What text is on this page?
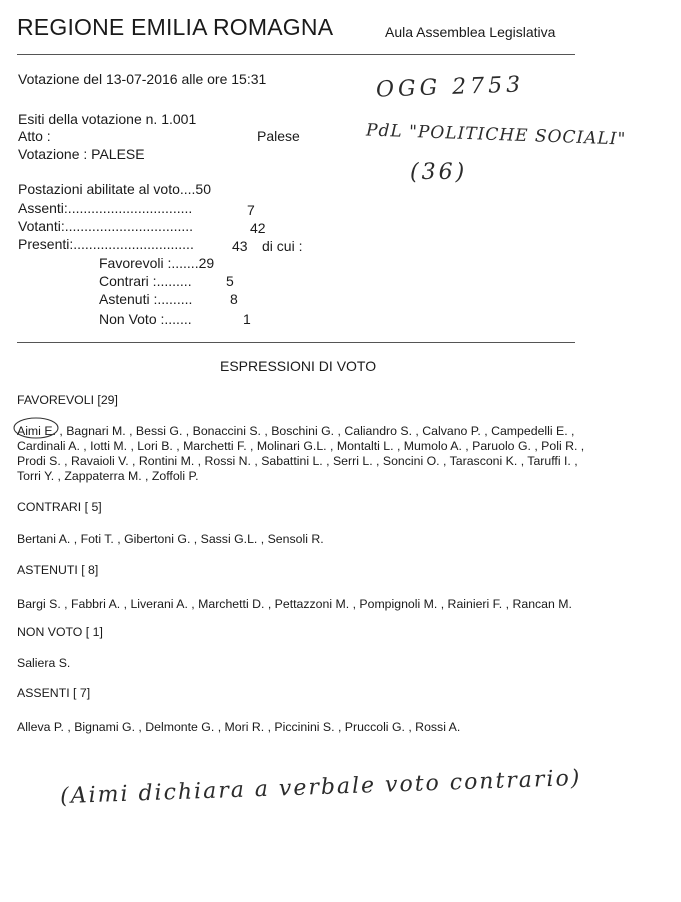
REGIONE EMILIA ROMAGNA	Aula Assemblea Legislativa
Votazione del 13-07-2016 alle ore 15:31
Esiti della votazione n. 1.001
Atto :	Palese
Votazione : PALESE
OGG 2753
PdL "POLITICHE SOCIALI"
(36)
Postazioni abilitate al voto....50
Assenti:................................	7
Votanti:.................................	42
Presenti:...............................	43 di cui :
Favorevoli :.......29
Contrari :......... 5
Astenuti :.........	8
Non Voto :.......	1
ESPRESSIONI DI VOTO
FAVOREVOLI [29]
Aimi E. , Bagnari M. , Bessi G. , Bonaccini S. , Boschini G. , Caliandro S. , Calvano P. , Campedelli E. ,
Cardinali A. , Iotti M. , Lori B. , Marchetti F. , Molinari G.L. , Montalti L. , Mumolo A. , Paruolo G. , Poli R. ,
Prodi S. , Ravaioli V. , Rontini M. , Rossi N. , Sabattini L. , Serri L. , Soncini O. , Tarasconi K. , Taruffi I. ,
Torri Y. , Zappaterra M. , Zoffoli P.
CONTRARI [ 5]
Bertani A. , Foti T. , Gibertoni G. , Sassi G.L. , Sensoli R.
ASTENUTI [ 8]
Bargi S. , Fabbri A. , Liverani A. , Marchetti D. , Pettazzoni M. , Pompignoli M. , Rainieri F. , Rancan M.
NON VOTO [ 1]
Saliera S.
ASSENTI [ 7]
Alleva P. , Bignami G. , Delmonte G. , Mori R. , Piccinini S. , Pruccoli G. , Rossi A.
(Aimi dichiara a verbale voto contrario)
